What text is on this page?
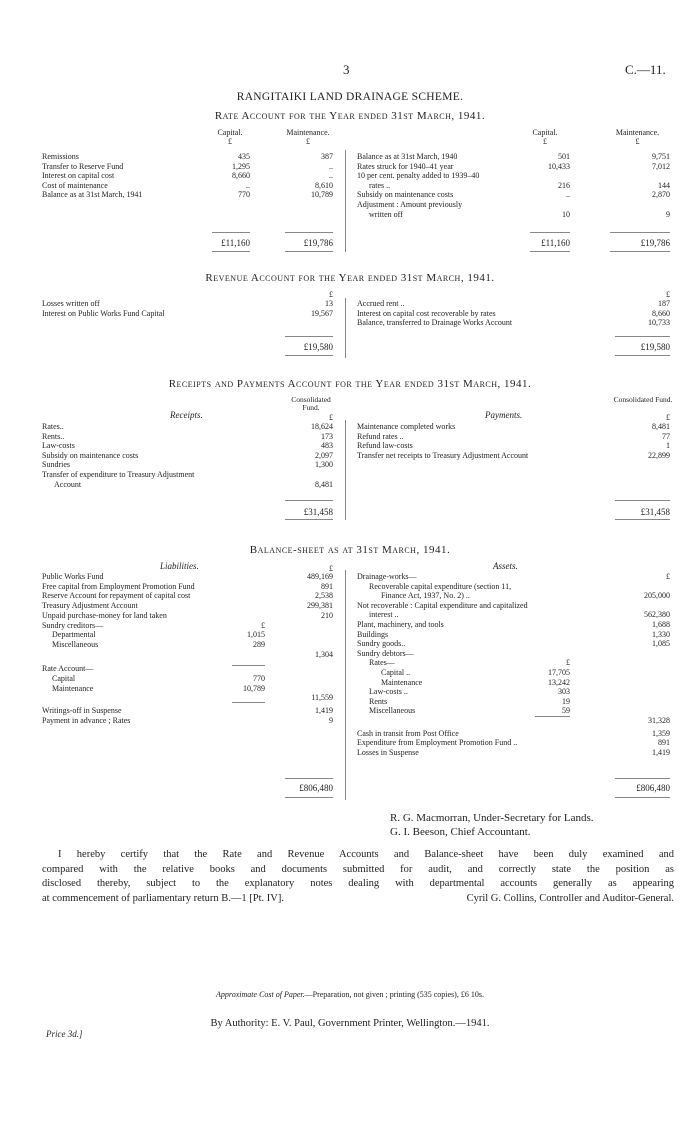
3	C.—11.
RANGITAIKI LAND DRAINAGE SCHEME.
Rate Account for the Year ended 31st March, 1941.
Capital.	Maintenance.
£	£
Capital.	Maintenance.
£	£
Remissions	435	387
Transfer to Reserve Fund	1,295	..
Interest on capital cost	8,660	..
Cost of maintenance	..	8,610
Balance as at 31st March, 1941	770	10,789
Balance as at 31st March, 1940	501	9,751
Rates struck for 1940–41 year	10,433	7,012
10 per cent. penalty added to 1939–40
rates ..	216	144
Subsidy on maintenance costs	..	2,870
Adjustment : Amount previously
written off	10	9
£11,160	£19,786	£11,160	£19,786
Revenue Account for the Year ended 31st March, 1941.
£	£
Losses written off	13
Interest on Public Works Fund Capital	19,567
Accrued rent ..	187
Interest on capital cost recoverable by rates	8,660
Balance, transferred to Drainage Works Account	10,733
£19,580	£19,580
Receipts and Payments Account for the Year ended 31st March, 1941.
Consolidated Fund.
Consolidated Fund.
£	£
Receipts.	Payments.
Rates..	18,624
Rents..	173
Law-costs	483
Subsidy on maintenance costs	2,097
Sundries	1,300
Transfer of expenditure to Treasury Adjustment
Account	8,481
Maintenance completed works	8,481
Refund rates ..	77
Refund law-costs	1
Transfer net receipts to Treasury Adjustment Account	22,899
£31,458	£31,458
Balance-sheet as at 31st March, 1941.
Liabilities.	Assets.
£
Public Works Fund	489,169
Free capital from Employment Promotion Fund	891
Reserve Account for repayment of capital cost	2,538
Treasury Adjustment Account	299,381
Unpaid purchase-money for land taken	210
Sundry creditors—	£
Departmental	1,015
Miscellaneous	289
1,304
Rate Account—
Capital	770
Maintenance	10,789
11,559
Writings-off in Suspense	1,419
Payment in advance ; Rates	9
Drainage-works—	£
Recoverable capital expenditure (section 11,
Finance Act, 1937, No. 2) ..	205,000
Not recoverable : Capital expenditure and capitalized
interest ..	562,380
Plant, machinery, and tools	1,688
Buildings	1,330
Sundry goods..	1,085
Sundry debtors—
Rates—	£
Capital ..	17,705
Maintenance	13,242
Law-costs ..	303
Rents	19
Miscellaneous	59
31,328
Cash in transit from Post Office	1,359
Expenditure from Employment Promotion Fund ..	891
Losses in Suspense	1,419
£806,480	£806,480
R. G. Macmorran, Under-Secretary for Lands.
G. I. Beeson, Chief Accountant.
I hereby certify that the Rate and Revenue Accounts and Balance-sheet have been duly examined and
compared with the relative books and documents submitted for audit, and correctly state the position as
disclosed thereby, subject to the explanatory notes dealing with departmental accounts generally as appearing
at commencement of parliamentary return B.—1 [Pt. IV].	Cyril G. Collins, Controller and Auditor-General.
Approximate Cost of Paper.—Preparation, not given ; printing (535 copies), £6 10s.
By Authority: E. V. Paul, Government Printer, Wellington.—1941.
Price 3d.]
